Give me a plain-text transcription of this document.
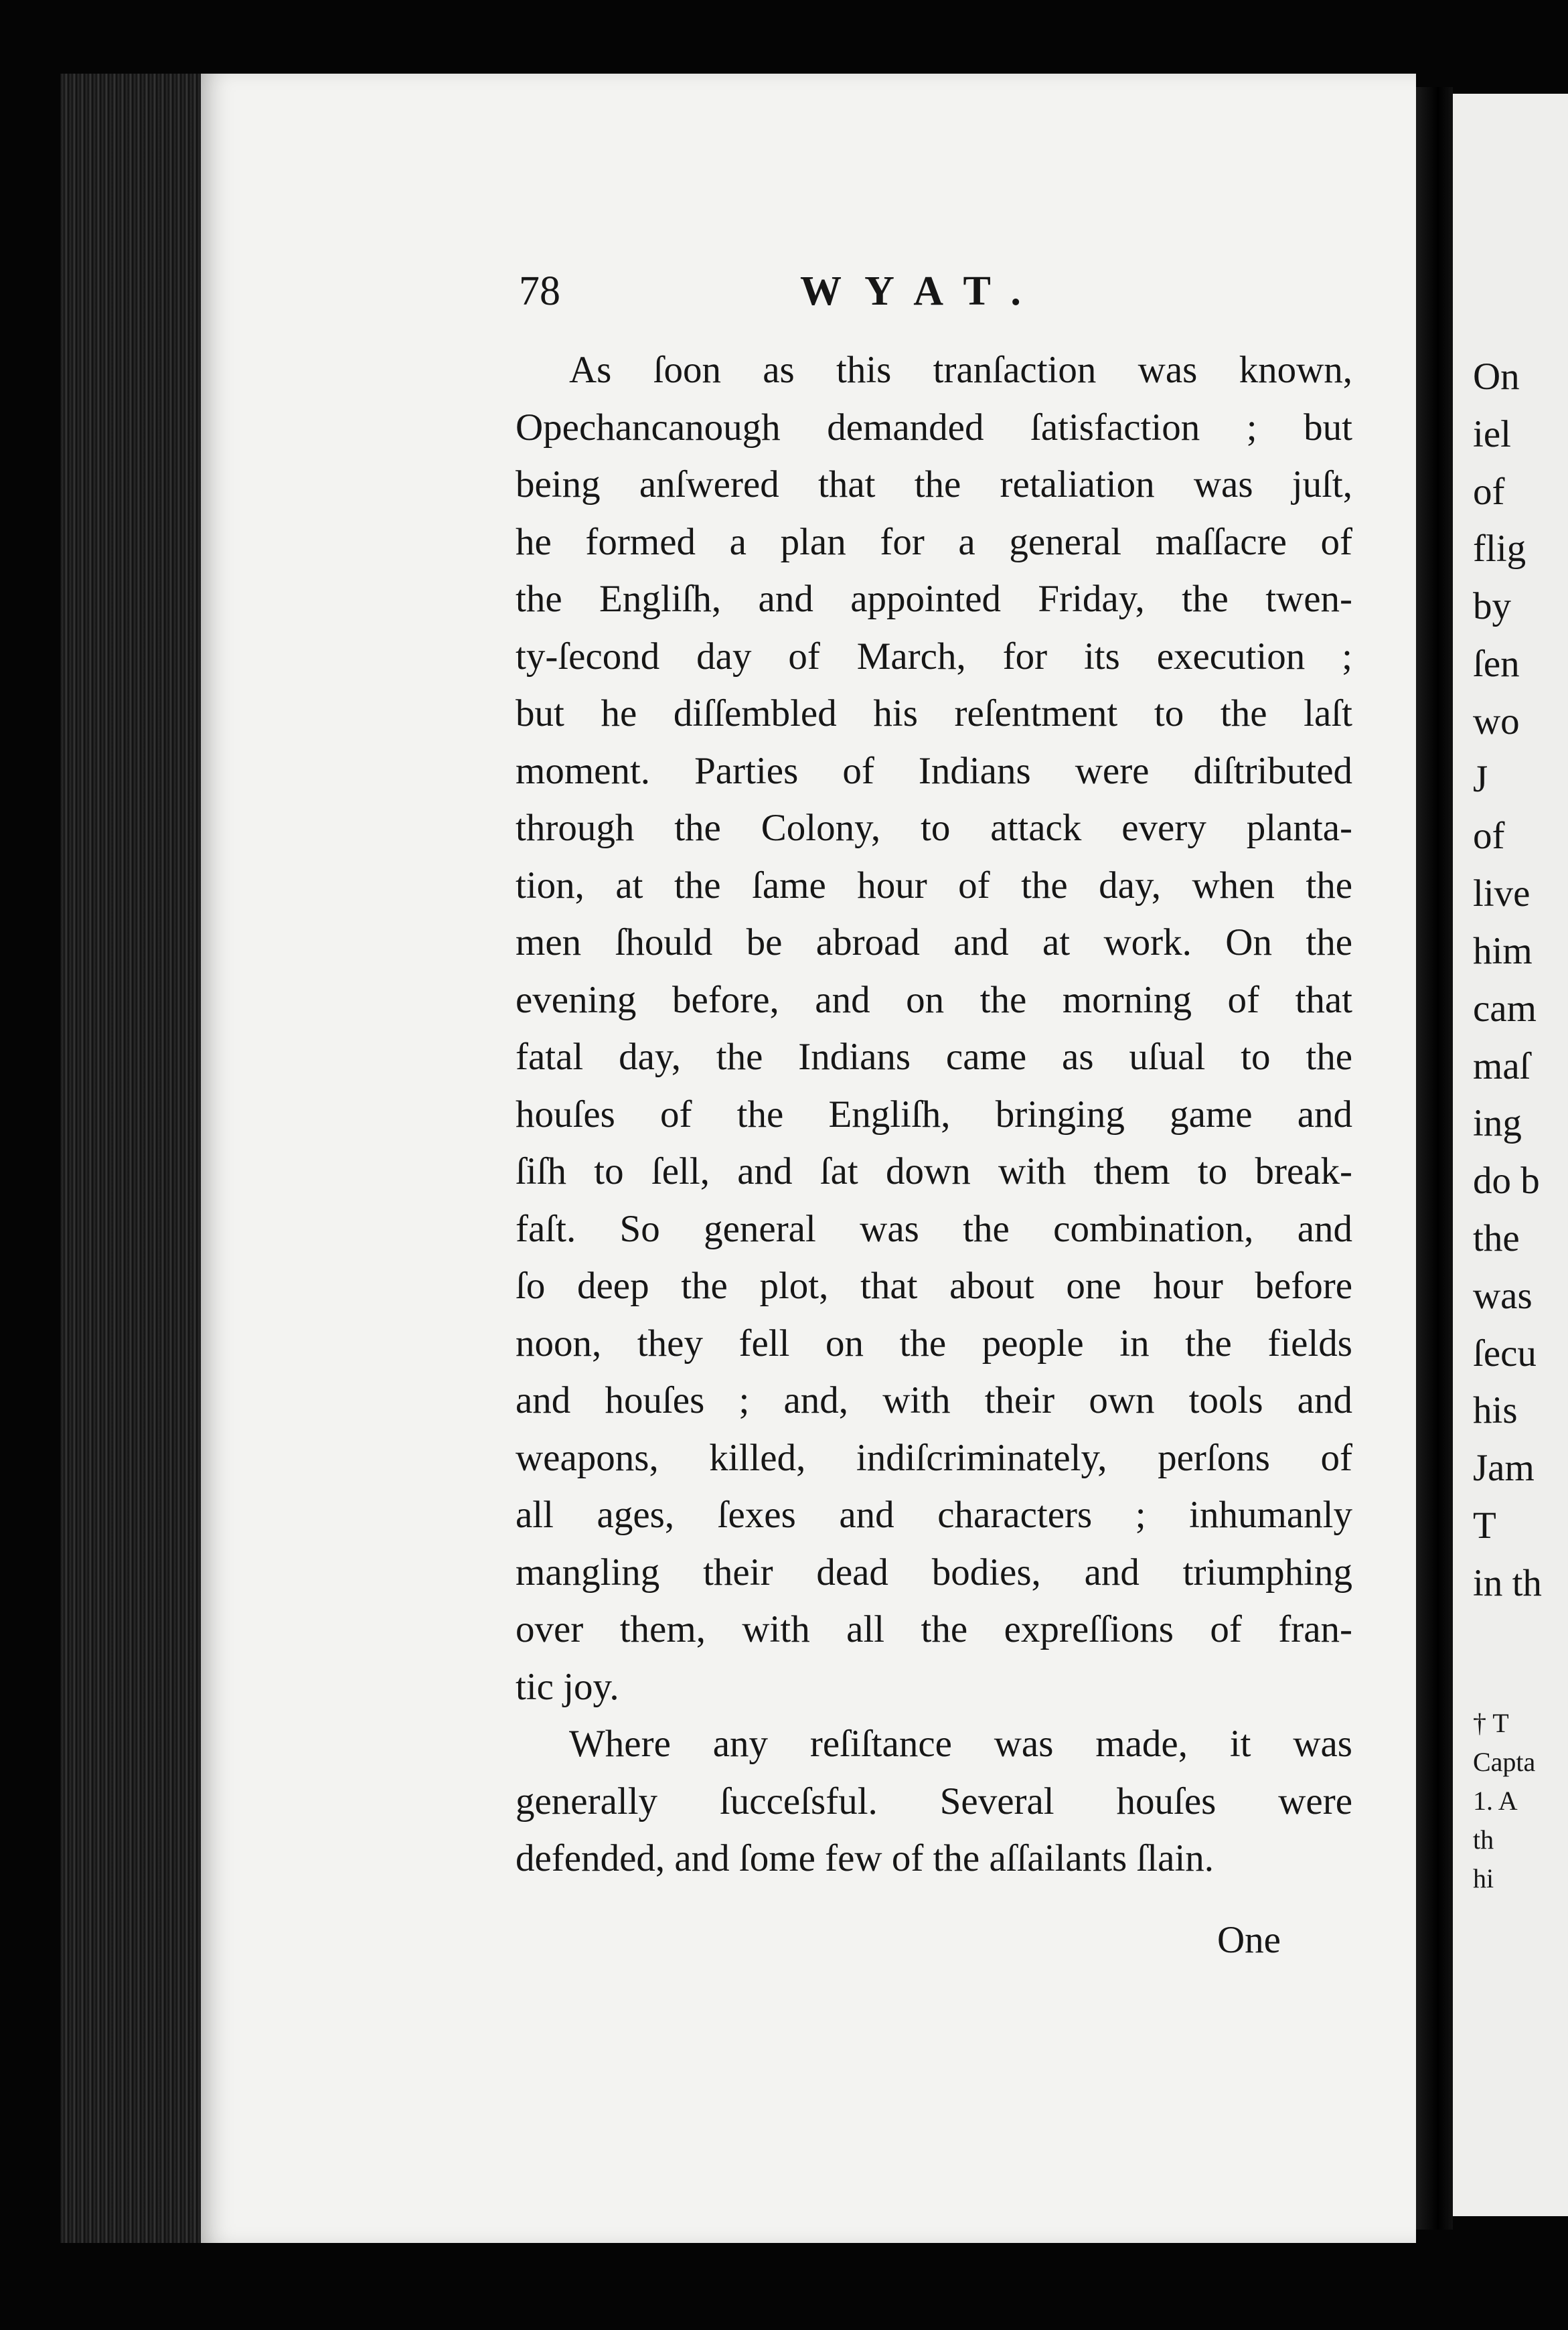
78	WYAT.
As ſoon as this tranſaction was known,
Opechancanough demanded ſatisfaction ; but
being anſwered that the retaliation was juſt,
he formed a plan for a general maſſacre of
the Engliſh, and appointed Friday, the twen-
ty-ſecond day of March, for its execution ;
but he diſſembled his reſentment to the laſt
moment. Parties of Indians were diſtributed
through the Colony, to attack every planta-
tion, at the ſame hour of the day, when the
men ſhould be abroad and at work. On the
evening before, and on the morning of that
fatal day, the Indians came as uſual to the
houſes of the Engliſh, bringing game and
ſiſh to ſell, and ſat down with them to break-
faſt. So general was the combination, and
ſo deep the plot, that about one hour before
noon, they fell on the people in the fields
and houſes ; and, with their own tools and
weapons, killed, indiſcriminately, perſons of
all ages, ſexes and characters ; inhumanly
mangling their dead bodies, and triumphing
over them, with all the expreſſions of fran-
tic joy.
Where any reſiſtance was made, it was
generally ſucceſsful. Several houſes were
defended, and ſome few of the aſſailants ſlain.
One
On
iel
of
flig
by
ſen
wo
J
of
live
him
cam
maſ
ing
do b
the
was
ſecu
his
Jam
T
in th
† T
Capta
1. A
th
hi
